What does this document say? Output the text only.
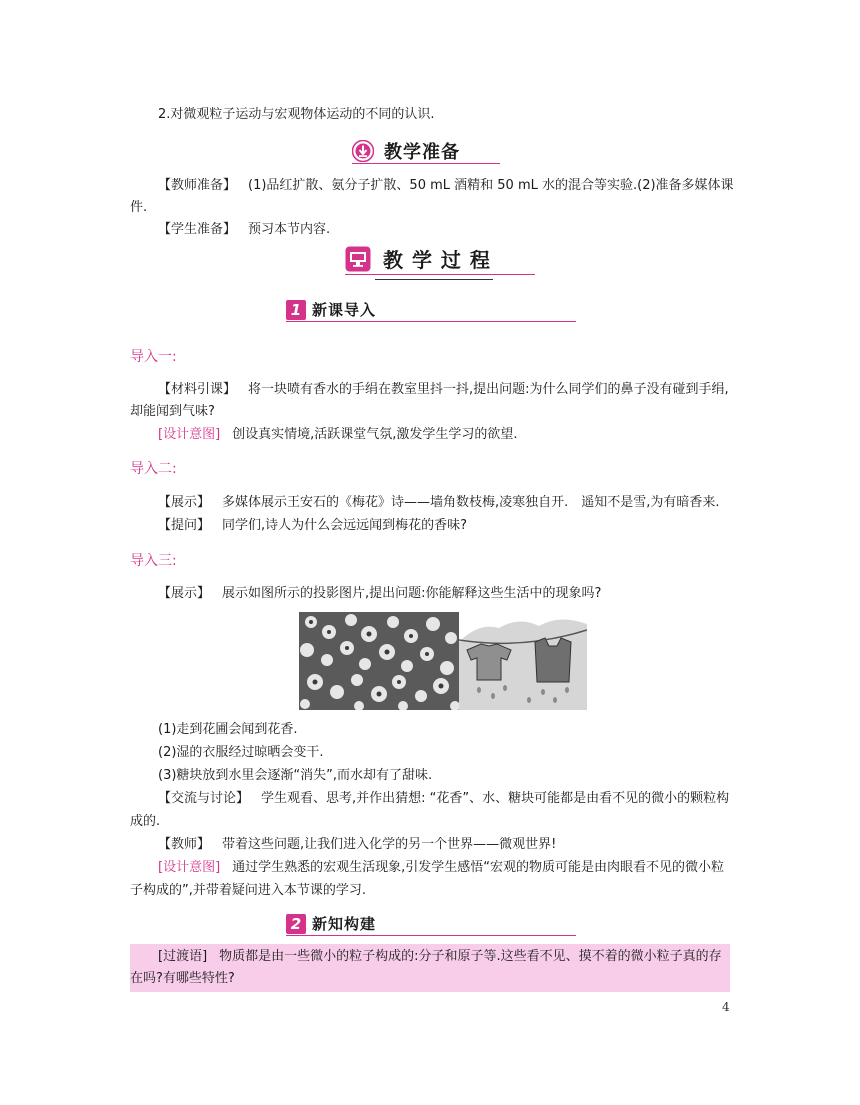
2.对微观粒子运动与宏观物体运动的不同的认识.
教学准备
【教师准备】 (1)品红扩散、氨分子扩散、50 mL 酒精和 50 mL 水的混合等实验.(2)准备多媒体课
件.
【学生准备】 预习本节内容.
教 学 过 程
1 新课导入
导入一:
【材料引课】 将一块喷有香水的手绢在教室里抖一抖,提出问题:为什么同学们的鼻子没有碰到手绢,
却能闻到气味?
[设计意图] 创设真实情境,活跃课堂气氛,激发学生学习的欲望.
导入二:
【展示】 多媒体展示王安石的《梅花》诗——墙角数枝梅,凌寒独自开.　遥知不是雪,为有暗香来.
【提问】 同学们,诗人为什么会远远闻到梅花的香味?
导入三:
【展示】 展示如图所示的投影图片,提出问题:你能解释这些生活中的现象吗?
(1)走到花圃会闻到花香.
(2)湿的衣服经过晾晒会变干.
(3)糖块放到水里会逐渐“消失”,而水却有了甜味.
【交流与讨论】 学生观看、思考,并作出猜想: “花香”、水、糖块可能都是由看不见的微小的颗粒构
成的.
【教师】 带着这些问题,让我们进入化学的另一个世界——微观世界!
[设计意图] 通过学生熟悉的宏观生活现象,引发学生感悟“宏观的物质可能是由肉眼看不见的微小粒
子构成的”,并带着疑问进入本节课的学习.
2 新知构建
[过渡语] 物质都是由一些微小的粒子构成的:分子和原子等.这些看不见、摸不着的微小粒子真的存
在吗?有哪些特性?
4
